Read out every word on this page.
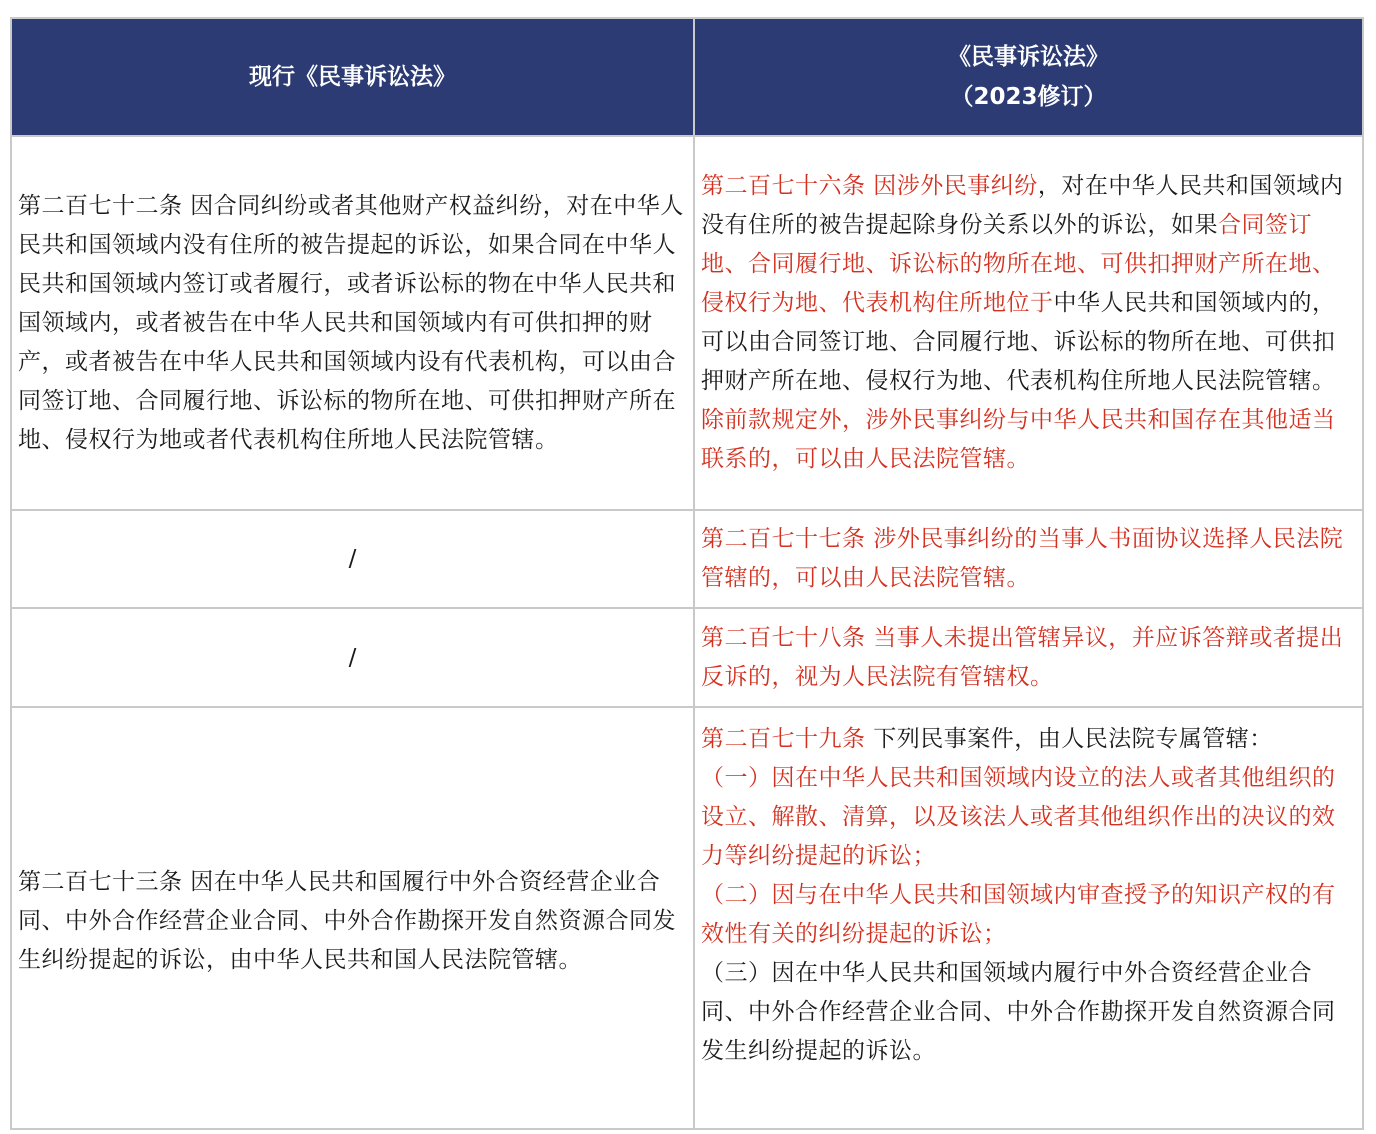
现行《民事诉讼法》	《民事诉讼法》
（2023修订）

第二百七十二条 因合同纠纷或者其他财产权益纠纷，对在中华人民共和国领域内没有住所的被告提起的诉讼，如果合同在中华人民共和国领域内签订或者履行，或者诉讼标的物在中华人民共和国领域内，或者被告在中华人民共和国领域内有可供扣押的财产，或者被告在中华人民共和国领域内设有代表机构，可以由合同签订地、合同履行地、诉讼标的物所在地、可供扣押财产所在地、侵权行为地或者代表机构住所地人民法院管辖。	第二百七十六条 因涉外民事纠纷，对在中华人民共和国领域内没有住所的被告提起除身份关系以外的诉讼，如果合同签订地、合同履行地、诉讼标的物所在地、可供扣押财产所在地、侵权行为地、代表机构住所地位于中华人民共和国领域内的，可以由合同签订地、合同履行地、诉讼标的物所在地、可供扣押财产所在地、侵权行为地、代表机构住所地人民法院管辖。
除前款规定外，涉外民事纠纷与中华人民共和国存在其他适当联系的，可以由人民法院管辖。

/	第二百七十七条 涉外民事纠纷的当事人书面协议选择人民法院管辖的，可以由人民法院管辖。
/	第二百七十八条 当事人未提出管辖异议，并应诉答辩或者提出反诉的，视为人民法院有管辖权。
第二百七十三条 因在中华人民共和国履行中外合资经营企业合同、中外合作经营企业合同、中外合作勘探开发自然资源合同发生纠纷提起的诉讼，由中华人民共和国人民法院管辖。	第二百七十九条 下列民事案件，由人民法院专属管辖：
（一）因在中华人民共和国领域内设立的法人或者其他组织的设立、解散、清算，以及该法人或者其他组织作出的决议的效力等纠纷提起的诉讼；
（二）因与在中华人民共和国领域内审查授予的知识产权的有效性有关的纠纷提起的诉讼；
（三）因在中华人民共和国领域内履行中外合资经营企业合同、中外合作经营企业合同、中外合作勘探开发自然资源合同发生纠纷提起的诉讼。
